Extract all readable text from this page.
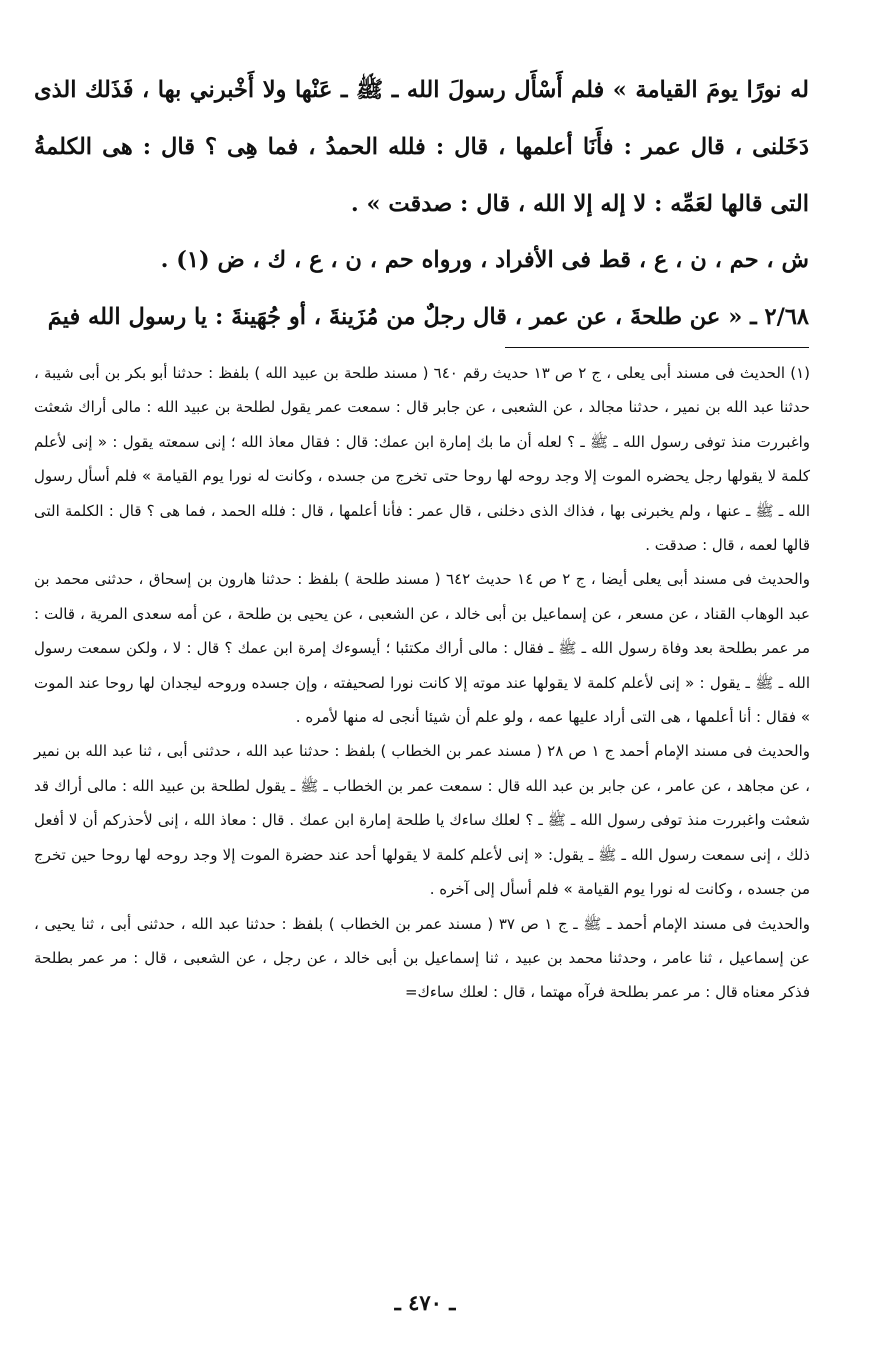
له نورًا يومَ القيامة » فلم أَسْأَل رسولَ الله ـ ﷺ ـ عَنْها ولا أَخْبرني بها ، فَذَلك الذى دَخَلنى ، قال عمر : فأَنَا أعلمها ، قال : فلله الحمدُ ، فما هِى ؟ قال : هى الكلمةُ التى قالها لعَمِّه : لا إله إلا الله ، قال : صدقت » .

ش ، حم ، ن ، ع ، قط فى الأفراد ، ورواه حم ، ن ، ع ، ك ، ض (١) .

٢/٦٨ ـ « عن طلحةَ ، عن عمر ، قال رجلٌ من مُزَينةَ ، أو جُهَينةَ : يا رسول الله فيمَ

(١) الحديث فى مسند أبى يعلى ، ج ٢ ص ١٣ حديث رقم ٦٤٠ ( مسند طلحة بن عبيد الله ) بلفظ : حدثنا أبو بكر بن أبى شيبة ، حدثنا عبد الله بن نمير ، حدثنا مجالد ، عن الشعبى ، عن جابر قال : سمعت عمر يقول لطلحة بن عبيد الله : مالى أراك شعثت واغبررت منذ توفى رسول الله ـ ﷺ ـ ؟ لعله أن ما بك إمارة ابن عمك: قال : فقال معاذ الله ؛ إنى سمعته يقول : « إنى لأعلم كلمة لا يقولها رجل يحضره الموت إلا وجد روحه لها روحا حتى تخرج من جسده ، وكانت له نورا يوم القيامة » فلم أسأل رسول الله ـ ﷺ ـ عنها ، ولم يخبرنى بها ، فذاك الذى دخلنى ، قال عمر : فأنا أعلمها ، قال : فلله الحمد ، فما هى ؟ قال : الكلمة التى قالها لعمه ، قال : صدقت .

والحديث فى مسند أبى يعلى أيضا ، ج ٢ ص ١٤ حديث ٦٤٢ ( مسند طلحة ) بلفظ : حدثنا هارون بن إسحاق ، حدثنى محمد بن عبد الوهاب القناد ، عن مسعر ، عن إسماعيل بن أبى خالد ، عن الشعبى ، عن يحيى بن طلحة ، عن أمه سعدى المرية ، قالت : مر عمر بطلحة بعد وفاة رسول الله ـ ﷺ ـ فقال : مالى أراك مكتئبا ؛ أيسوءك إمرة ابن عمك ؟ قال : لا ، ولكن سمعت رسول الله ـ ﷺ ـ يقول : « إنى لأعلم كلمة لا يقولها عند موته إلا كانت نورا لصحيفته ، وإن جسده وروحه ليجدان لها روحا عند الموت » فقال : أنا أعلمها ، هى التى أراد عليها عمه ، ولو علم أن شيئا أنجى له منها لأمره .

والحديث فى مسند الإمام أحمد ج ١ ص ٢٨ ( مسند عمر بن الخطاب ) بلفظ : حدثنا عبد الله ، حدثنى أبى ، ثنا عبد الله بن نمير ، عن مجاهد ، عن عامر ، عن جابر بن عبد الله قال : سمعت عمر بن الخطاب ـ ﷺ ـ يقول لطلحة بن عبيد الله : مالى أراك قد شعثت واغبررت منذ توفى رسول الله ـ ﷺ ـ ؟ لعلك ساءك يا طلحة إمارة ابن عمك . قال : معاذ الله ، إنى لأحذركم أن لا أفعل ذلك ، إنى سمعت رسول الله ـ ﷺ ـ يقول: « إنى لأعلم كلمة لا يقولها أحد عند حضرة الموت إلا وجد روحه لها روحا حين تخرج من جسده ، وكانت له نورا يوم القيامة » فلم أسأل إلى آخره .

والحديث فى مسند الإمام أحمد ـ ﷺ ـ ج ١ ص ٣٧ ( مسند عمر بن الخطاب ) بلفظ : حدثنا عبد الله ، حدثنى أبى ، ثنا يحيى ، عن إسماعيل ، ثنا عامر ، وحدثنا محمد بن عبيد ، ثنا إسماعيل بن أبى خالد ، عن رجل ، عن الشعبى ، قال : مر عمر بطلحة فذكر معناه قال : مر عمر بطلحة فرآه مهتما ، قال : لعلك ساءك=

ـ ٤٧٠ ـ
